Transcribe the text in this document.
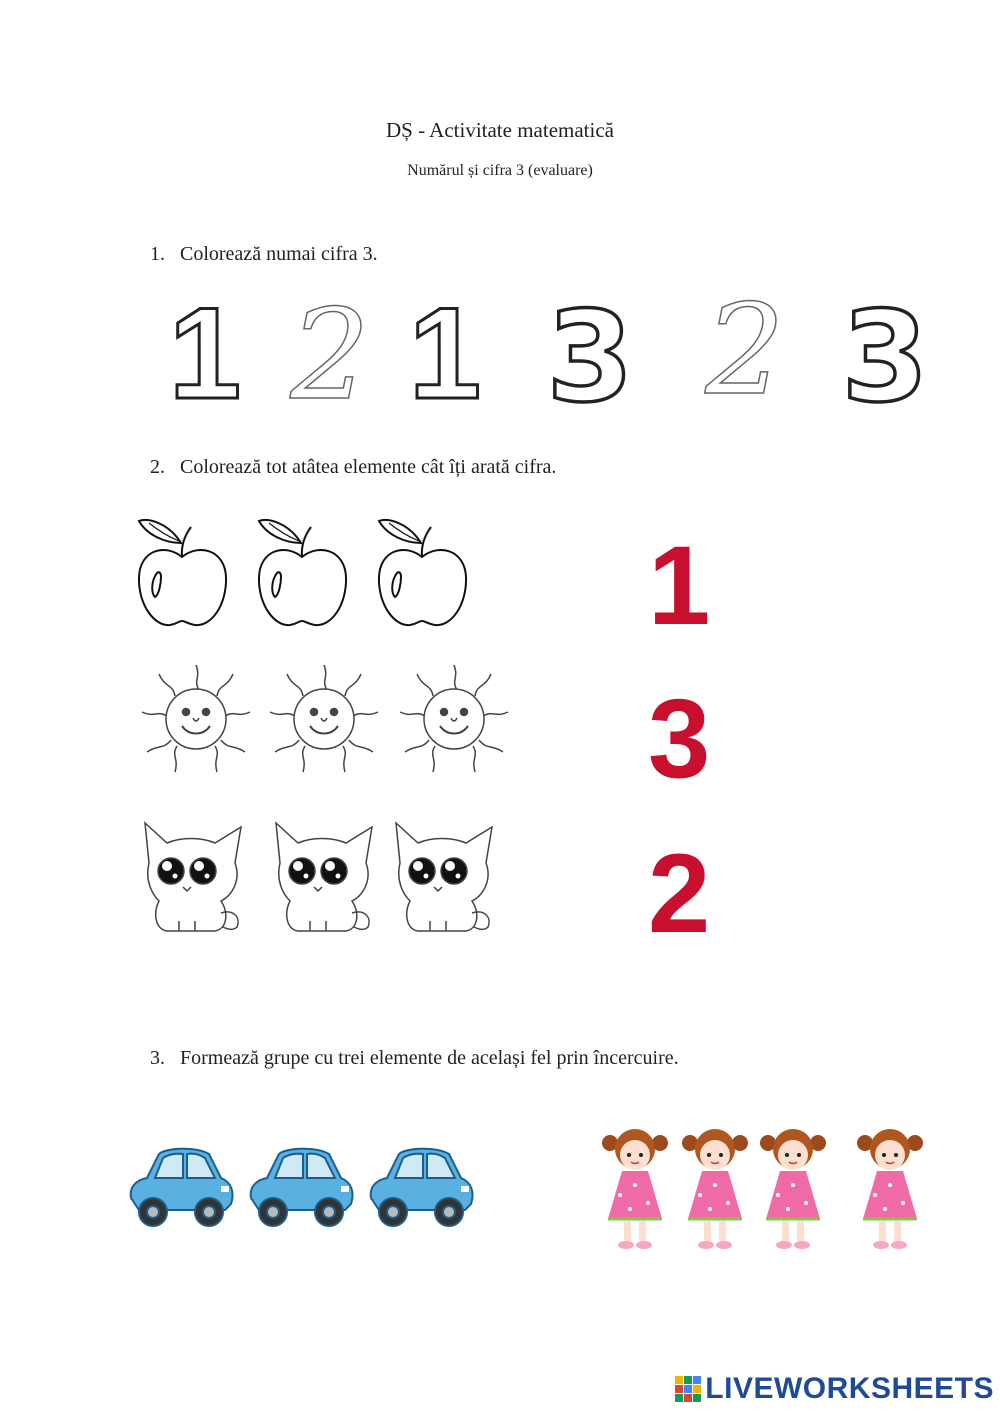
DȘ - Activitate matematică
Numărul și cifra 3 (evaluare)
1. Colorează numai cifra 3.
1 2 1 3 2 3
2. Colorează tot atâtea elemente cât îți arată cifra.
1
3
2
3. Formează grupe cu trei elemente de același fel prin încercuire.
LIVEWORKSHEETS
